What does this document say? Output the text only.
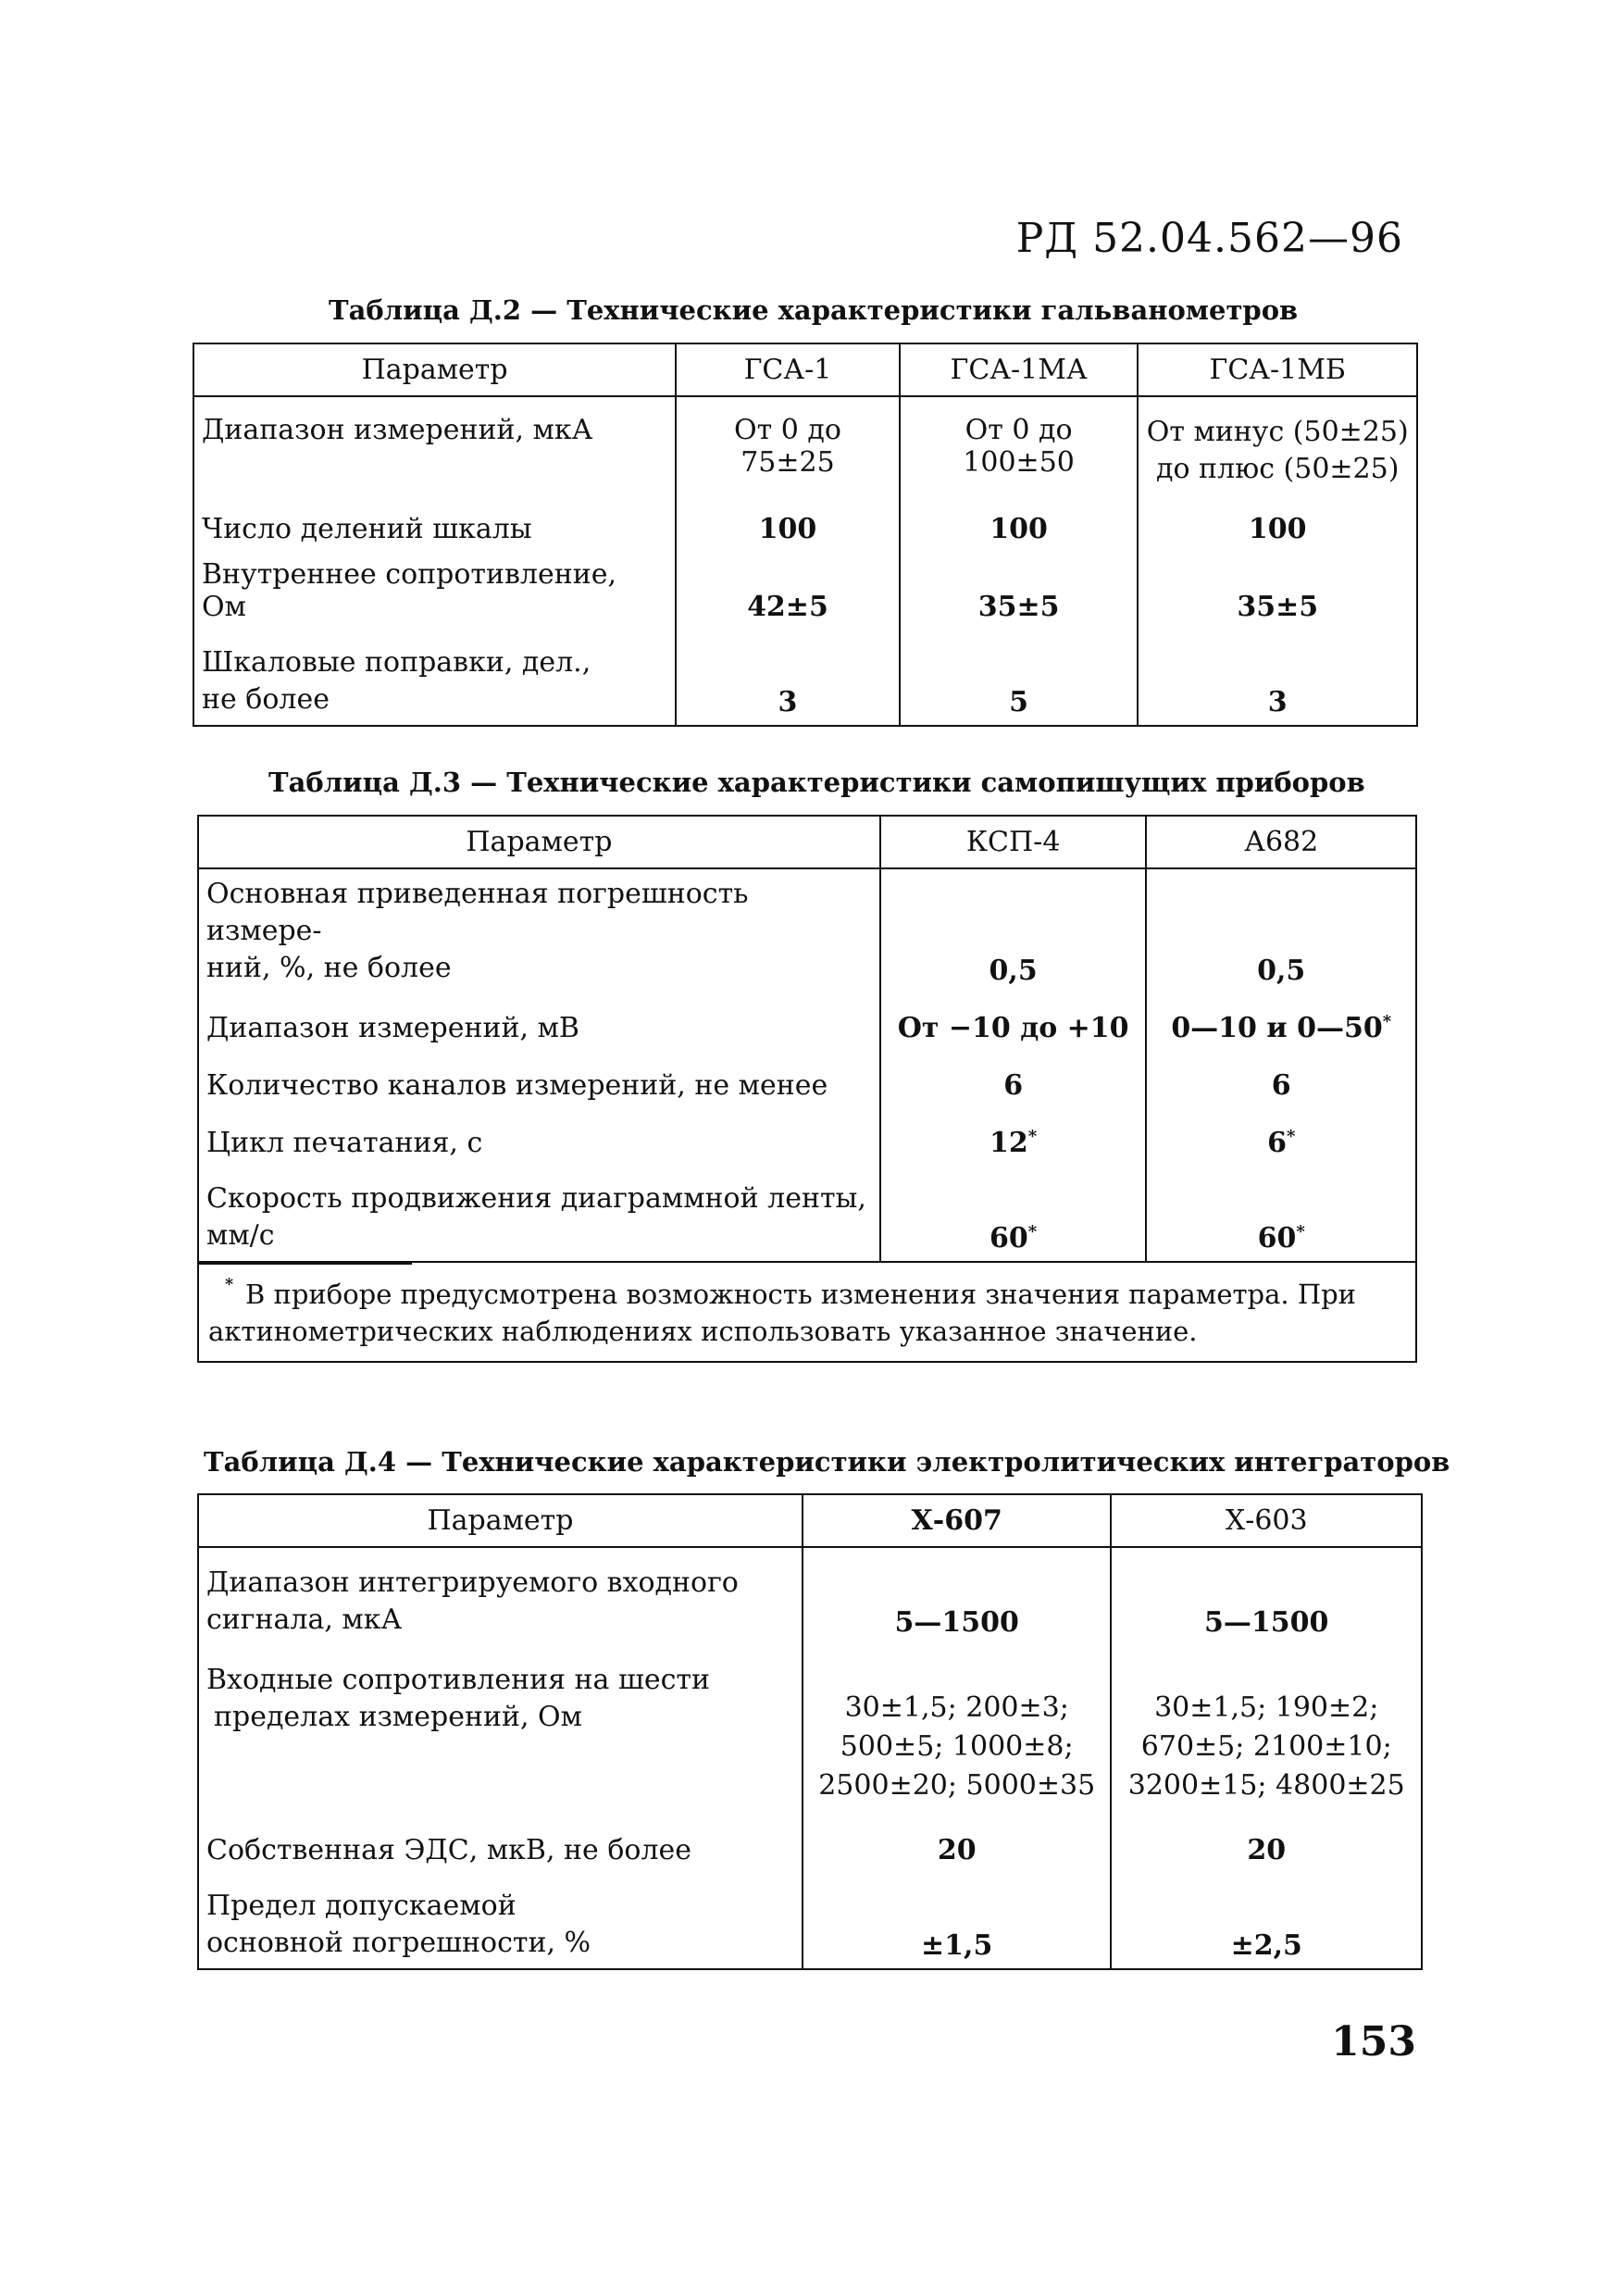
РД 52.04.562—96
Таблица Д.2 — Технические характеристики гальванометров
Параметр	ГСА-1	ГСА-1МА	ГСА-1МБ
Диапазон измерений, мкА	От 0 до 75±25	От 0 до 100±50	От минус (50±25)
до плюс (50±25)
Число делений шкалы	100	100	100
Внутреннее сопротивление, Ом	42±5	35±5	35±5
Шкаловые поправки, дел.,
не более	3	5	3
Таблица Д.3 — Технические характеристики самопишущих приборов
Параметр	КСП-4	А682
Основная приведенная погрешность измере-
ний, %, не более	0,5	0,5
Диапазон измерений, мВ	От −10 до +10	0—10 и 0—50*
Количество каналов измерений, не менее	6	6
Цикл печатания, с	12*	6*
Скорость продвижения диаграммной ленты,
мм/с	60*	60*
* В приборе предусмотрена возможность изменения значения параметра. При
актинометрических наблюдениях использовать указанное значение.
Таблица Д.4 — Технические характеристики электролитических интеграторов
Параметр	Х-607	Х-603
Диапазон интегрируемого входного
сигнала, мкА	5—1500	5—1500
Входные сопротивления на шести
пределах измерений, Ом	30±1,5; 200±3;
500±5; 1000±8;
2500±20; 5000±35	30±1,5; 190±2;
670±5; 2100±10;
3200±15; 4800±25
Собственная ЭДС, мкВ, не более	20	20
Предел допускаемой
основной погрешности, %	±1,5	±2,5
153
